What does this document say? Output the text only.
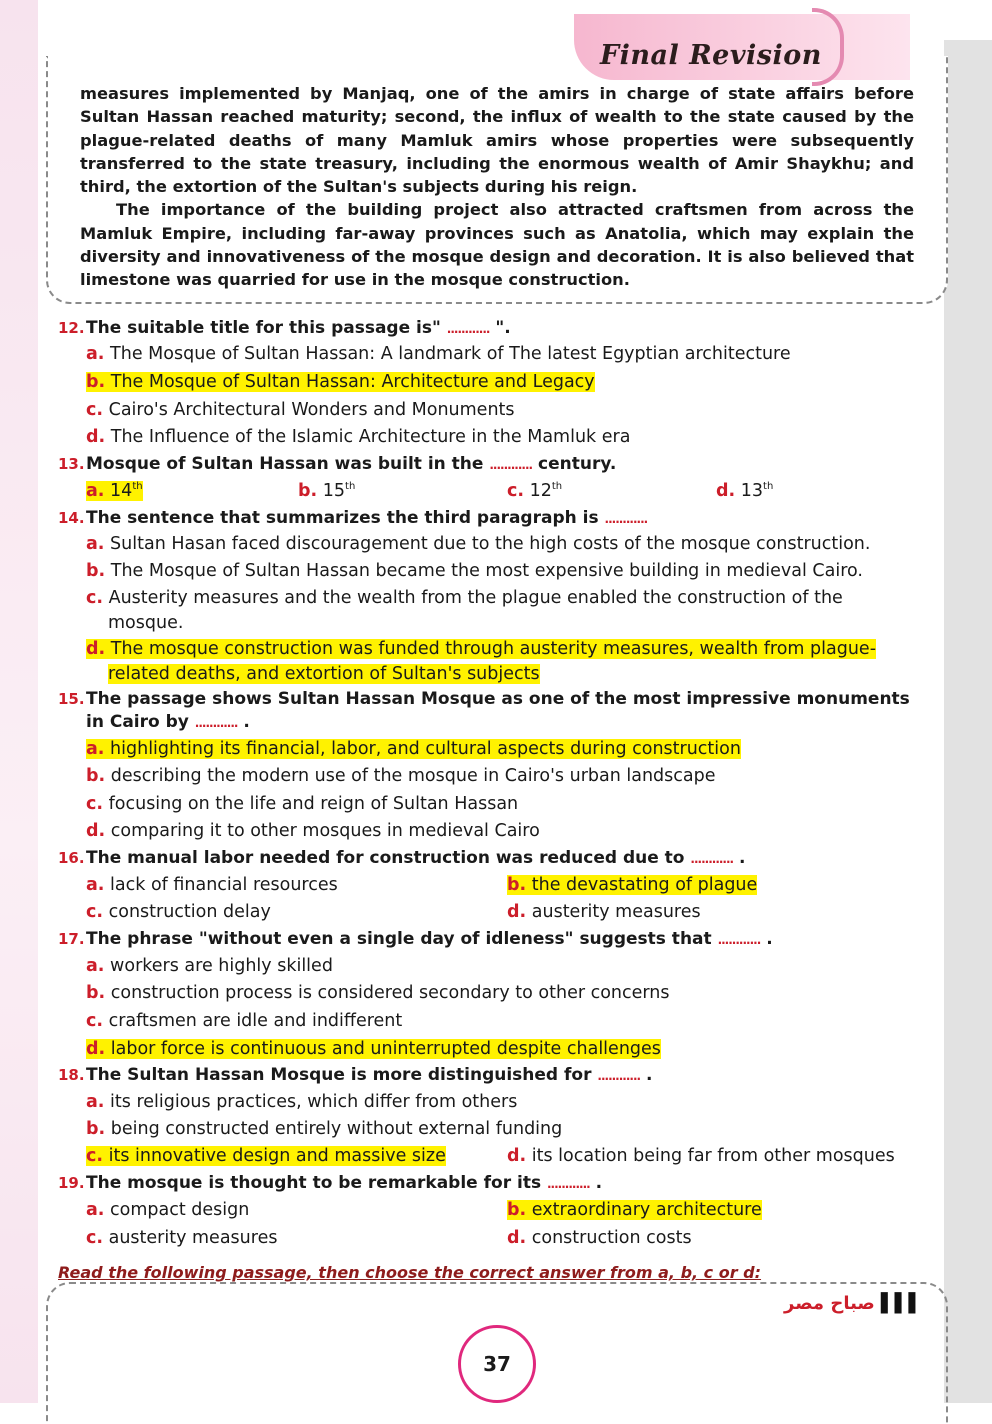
Final Revision

measures implemented by Manjaq, one of the amirs in charge of state affairs before Sultan Hassan reached maturity; second, the influx of wealth to the state caused by the plague-related deaths of many Mamluk amirs whose properties were subsequently transferred to the state treasury, including the enormous wealth of Amir Shaykhu; and third, the extortion of the Sultan's subjects during his reign.

The importance of the building project also attracted craftsmen from across the Mamluk Empire, including far-away provinces such as Anatolia, which may explain the diversity and innovativeness of the mosque design and decoration. It is also believed that limestone was quarried for use in the mosque construction.

12.The suitable title for this passage is" ............ ".
a. The Mosque of Sultan Hassan: A landmark of The latest Egyptian architecture
b. The Mosque of Sultan Hassan: Architecture and Legacy
c. Cairo's Architectural Wonders and Monuments
d. The Influence of the Islamic Architecture in the Mamluk era
13.Mosque of Sultan Hassan was built in the ............ century.
a. 14th	b. 15th	c. 12th	d. 13th
14.The sentence that summarizes the third paragraph is ............
a. Sultan Hasan faced discouragement due to the high costs of the mosque construction.
b. The Mosque of Sultan Hassan became the most expensive building in medieval Cairo.
c. Austerity measures and the wealth from the plague enabled the construction of the
mosque.
d. The mosque construction was funded through austerity measures, wealth from plague-
related deaths, and extortion of Sultan's subjects
15.The passage shows Sultan Hassan Mosque as one of the most impressive monuments
in Cairo by ............ .
a. highlighting its financial, labor, and cultural aspects during construction
b. describing the modern use of the mosque in Cairo's urban landscape
c. focusing on the life and reign of Sultan Hassan
d. comparing it to other mosques in medieval Cairo
16.The manual labor needed for construction was reduced due to ............ .
a. lack of financial resources	b. the devastating of plague
c. construction delay	d. austerity measures
17.The phrase "without even a single day of idleness" suggests that ............ .
a. workers are highly skilled
b. construction process is considered secondary to other concerns
c. craftsmen are idle and indifferent
d. labor force is continuous and uninterrupted despite challenges
18.The Sultan Hassan Mosque is more distinguished for ............ .
a. its religious practices, which differ from others
b. being constructed entirely without external funding
c. its innovative design and massive size	d. its location being far from other mosques
19.The mosque is thought to be remarkable for its ............ .
a. compact design	b. extraordinary architecture
c. austerity measures	d. construction costs
Read the following passage, then choose the correct answer from a, b, c or d:
صباح مصر ▌▌▌
37
